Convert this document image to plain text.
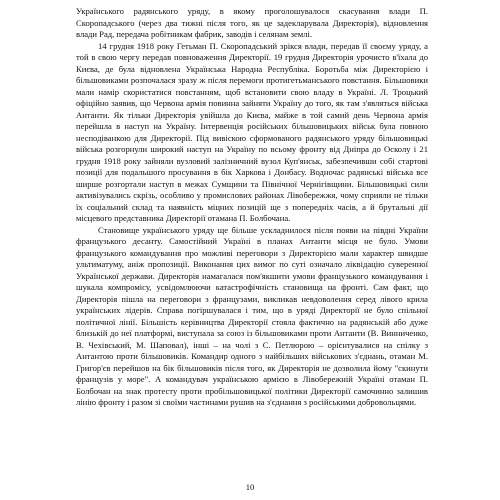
Українського радянського уряду, в якому проголошувалося скасування влади П. Скоропадського (через два тижні після того, як це задекларувала Директорія), відновлення влади Рад, передача робітникам фабрик, заводів і селянам землі.

14 грудня 1918 року Гетьман П. Скоропадський зрікся влади, передав її своєму уряду, а той в свою чергу передав повноваження Директорії. 19 грудня Директорія урочисто в'їхала до Києва, де була відновлена Українська Народна Республіка. Боротьба між Директорією і більшовиками розпочалася зразу ж після перемоги протигетьманського повстання. Більшовики мали намір скористатися повстанням, щоб встановити свою владу в Україні. Л. Троцький офіційно заявив, що Червона армія повинна зайняти Україну до того, як там з'являться війська Антанти. Як тільки Директорія увійшла до Києва, майже в той самий день Червона армія перейшла в наступ на Україну. Інтервенція російських більшовицьких військ була повною несподіванкою для Директорії. Під вивіскою сформованого радянського уряду більшовицькі війська розгорнули широкий наступ на Україну по всьому фронту від Дніпра до Осколу і 21 грудня 1918 року зайняли вузловий залізничний вузол Куп'янськ, забезпечивши собі стартові позиції для подальшого просування в бік Харкова і Донбасу. Водночас радянські війська все ширше розгортали наступ в межах Сумщини та Північної Чернігівщини. Більшовицькі сили активізувались скрізь, особливо у промислових районах Лівобережжя, чому сприяли не тільки їх соціальний склад та наявність міцних позицій ще з попередніх часів, а й брутальні дії місцевого представника Директорії отамана П. Болбочана.

Становище українського уряду ще більше ускладнилося після появи на півдні України французького десанту. Самостійний Україні в планах Антанти місця не було. Умови французького командування про можливі переговори з Директорією мали характер швидше ультиматуму, аніж пропозиції. Виконання цих вимог по суті означало ліквідацію суверенної Української держави. Директорія намагалася пом'якшити умови французького командування і шукала компромісу, усвідомлюючи катастрофічність становища на фронті. Сам факт, що Директорія пішла на переговори з французами, викликав невдоволення серед лівого крила українських лідерів. Справа погіршувалася і тим, що в уряді Директорії не було спільної політичної лінії. Більшість керівництва Директорії стояла фактично на радянській або дуже близькій до неї платформі, виступала за союз із більшовиками проти Антанти (В. Винниченко, В. Чехівський, М. Шаповал), інші – на чолі з С. Петлюрою – орієнтувалися на спілку з Антантою проти більшовиків. Командир одного з найбільших військових з'єднань, отаман М. Григор'єв перейшов на бік більшовиків після того, як Директорія не дозволила йому "скинути французів у море". А командувач українською армією в Лівобережній Україні отаман П. Болбочан на знак протесту проти пробільшовицької політики Директорії самочинно залишив лінію фронту і разом зі своїми частинами рушив на з'єднання з російськими добровольцями.

10
